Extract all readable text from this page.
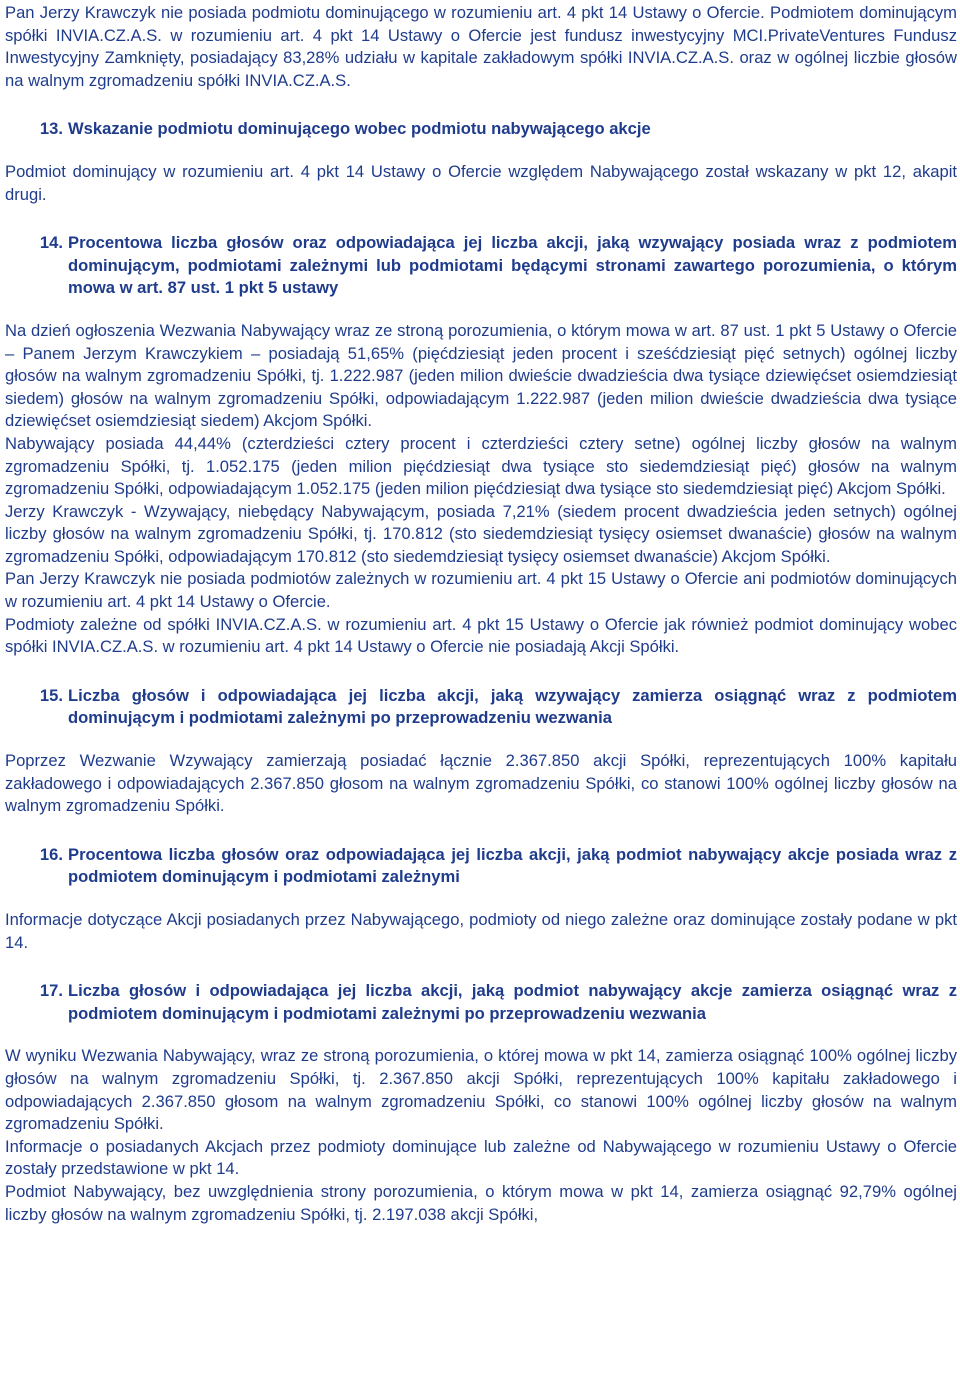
Pan Jerzy Krawczyk nie posiada podmiotu dominującego w rozumieniu art. 4 pkt 14 Ustawy o Ofercie. Podmiotem dominującym spółki INVIA.CZ.A.S. w rozumieniu art. 4 pkt 14 Ustawy o Ofercie jest fundusz inwestycyjny MCI.PrivateVentures Fundusz Inwestycyjny Zamknięty, posiadający 83,28% udziału w kapitale zakładowym spółki INVIA.CZ.A.S. oraz w ogólnej liczbie głosów na walnym zgromadzeniu spółki INVIA.CZ.A.S.

13. Wskazanie podmiotu dominującego wobec podmiotu nabywającego akcje

Podmiot dominujący w rozumieniu art. 4 pkt 14 Ustawy o Ofercie względem Nabywającego został wskazany w pkt 12, akapit drugi.

14. Procentowa liczba głosów oraz odpowiadająca jej liczba akcji, jaką wzywający posiada wraz z podmiotem dominującym, podmiotami zależnymi lub podmiotami będącymi stronami zawartego porozumienia, o którym mowa w art. 87 ust. 1 pkt 5 ustawy

Na dzień ogłoszenia Wezwania Nabywający wraz ze stroną porozumienia, o którym mowa w art. 87 ust. 1 pkt 5 Ustawy o Ofercie – Panem Jerzym Krawczykiem – posiadają 51,65% (pięćdziesiąt jeden procent i sześćdziesiąt pięć setnych) ogólnej liczby głosów na walnym zgromadzeniu Spółki, tj. 1.222.987 (jeden milion dwieście dwadzieścia dwa tysiące dziewięćset osiemdziesiąt siedem) głosów na walnym zgromadzeniu Spółki, odpowiadającym 1.222.987 (jeden milion dwieście dwadzieścia dwa tysiące dziewięćset osiemdziesiąt siedem) Akcjom Spółki.

Nabywający posiada 44,44% (czterdzieści cztery procent i czterdzieści cztery setne) ogólnej liczby głosów na walnym zgromadzeniu Spółki, tj. 1.052.175 (jeden milion pięćdziesiąt dwa tysiące sto siedemdziesiąt pięć) głosów na walnym zgromadzeniu Spółki, odpowiadającym 1.052.175 (jeden milion pięćdziesiąt dwa tysiące sto siedemdziesiąt pięć) Akcjom Spółki.

Jerzy Krawczyk - Wzywający, niebędący Nabywającym, posiada 7,21% (siedem procent dwadzieścia jeden setnych) ogólnej liczby głosów na walnym zgromadzeniu Spółki, tj. 170.812 (sto siedemdziesiąt tysięcy osiemset dwanaście) głosów na walnym zgromadzeniu Spółki, odpowiadającym 170.812 (sto siedemdziesiąt tysięcy osiemset dwanaście) Akcjom Spółki.

Pan Jerzy Krawczyk nie posiada podmiotów zależnych w rozumieniu art. 4 pkt 15 Ustawy o Ofercie ani podmiotów dominujących w rozumieniu art. 4 pkt 14 Ustawy o Ofercie.

Podmioty zależne od spółki INVIA.CZ.A.S. w rozumieniu art. 4 pkt 15 Ustawy o Ofercie jak również podmiot dominujący wobec spółki INVIA.CZ.A.S. w rozumieniu art. 4 pkt 14 Ustawy o Ofercie nie posiadają Akcji Spółki.

15. Liczba głosów i odpowiadająca jej liczba akcji, jaką wzywający zamierza osiągnąć wraz z podmiotem dominującym i podmiotami zależnymi po przeprowadzeniu wezwania

Poprzez Wezwanie Wzywający zamierzają posiadać łącznie 2.367.850 akcji Spółki, reprezentujących 100% kapitału zakładowego i odpowiadających 2.367.850 głosom na walnym zgromadzeniu Spółki, co stanowi 100% ogólnej liczby głosów na walnym zgromadzeniu Spółki.

16. Procentowa liczba głosów oraz odpowiadająca jej liczba akcji, jaką podmiot nabywający akcje posiada wraz z podmiotem dominującym i podmiotami zależnymi

Informacje dotyczące Akcji posiadanych przez Nabywającego, podmioty od niego zależne oraz dominujące zostały podane w pkt 14.

17. Liczba głosów i odpowiadająca jej liczba akcji, jaką podmiot nabywający akcje zamierza osiągnąć wraz z podmiotem dominującym i podmiotami zależnymi po przeprowadzeniu wezwania

W wyniku Wezwania Nabywający, wraz ze stroną porozumienia, o której mowa w pkt 14, zamierza osiągnąć 100% ogólnej liczby głosów na walnym zgromadzeniu Spółki, tj. 2.367.850 akcji Spółki, reprezentujących 100% kapitału zakładowego i odpowiadających 2.367.850 głosom na walnym zgromadzeniu Spółki, co stanowi 100% ogólnej liczby głosów na walnym zgromadzeniu Spółki.

Informacje o posiadanych Akcjach przez podmioty dominujące lub zależne od Nabywającego w rozumieniu Ustawy o Ofercie zostały przedstawione w pkt 14.

Podmiot Nabywający, bez uwzględnienia strony porozumienia, o którym mowa w pkt 14, zamierza osiągnąć 92,79% ogólnej liczby głosów na walnym zgromadzeniu Spółki, tj. 2.197.038 akcji Spółki,
